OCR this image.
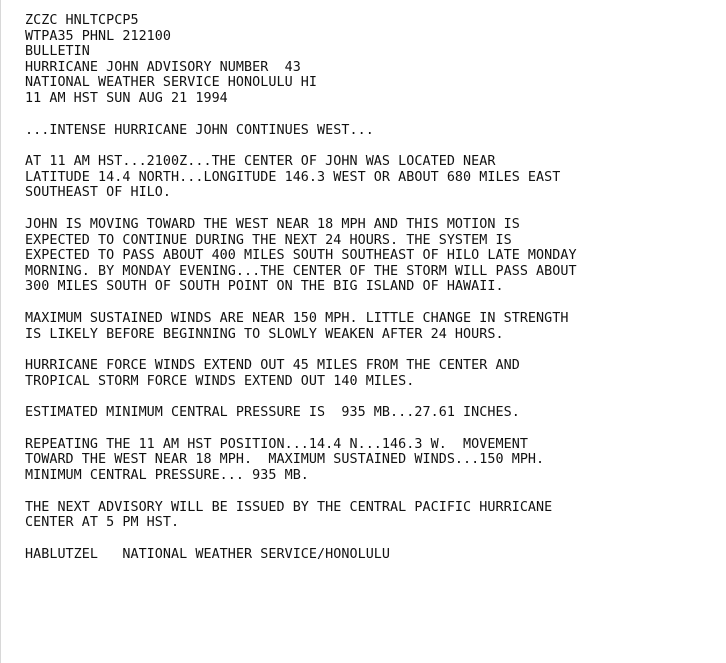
ZCZC HNLTCPCP5
WTPA35 PHNL 212100
BULLETIN
HURRICANE JOHN ADVISORY NUMBER  43
NATIONAL WEATHER SERVICE HONOLULU HI
11 AM HST SUN AUG 21 1994
...INTENSE HURRICANE JOHN CONTINUES WEST...
AT 11 AM HST...2100Z...THE CENTER OF JOHN WAS LOCATED NEAR
LATITUDE 14.4 NORTH...LONGITUDE 146.3 WEST OR ABOUT 680 MILES EAST
SOUTHEAST OF HILO.
JOHN IS MOVING TOWARD THE WEST NEAR 18 MPH AND THIS MOTION IS
EXPECTED TO CONTINUE DURING THE NEXT 24 HOURS. THE SYSTEM IS
EXPECTED TO PASS ABOUT 400 MILES SOUTH SOUTHEAST OF HILO LATE MONDAY
MORNING. BY MONDAY EVENING...THE CENTER OF THE STORM WILL PASS ABOUT
300 MILES SOUTH OF SOUTH POINT ON THE BIG ISLAND OF HAWAII.
MAXIMUM SUSTAINED WINDS ARE NEAR 150 MPH. LITTLE CHANGE IN STRENGTH
IS LIKELY BEFORE BEGINNING TO SLOWLY WEAKEN AFTER 24 HOURS.
HURRICANE FORCE WINDS EXTEND OUT 45 MILES FROM THE CENTER AND
TROPICAL STORM FORCE WINDS EXTEND OUT 140 MILES.
ESTIMATED MINIMUM CENTRAL PRESSURE IS  935 MB...27.61 INCHES.
REPEATING THE 11 AM HST POSITION...14.4 N...146.3 W.  MOVEMENT
TOWARD THE WEST NEAR 18 MPH.  MAXIMUM SUSTAINED WINDS...150 MPH.
MINIMUM CENTRAL PRESSURE... 935 MB.
THE NEXT ADVISORY WILL BE ISSUED BY THE CENTRAL PACIFIC HURRICANE
CENTER AT 5 PM HST.
HABLUTZEL   NATIONAL WEATHER SERVICE/HONOLULU
